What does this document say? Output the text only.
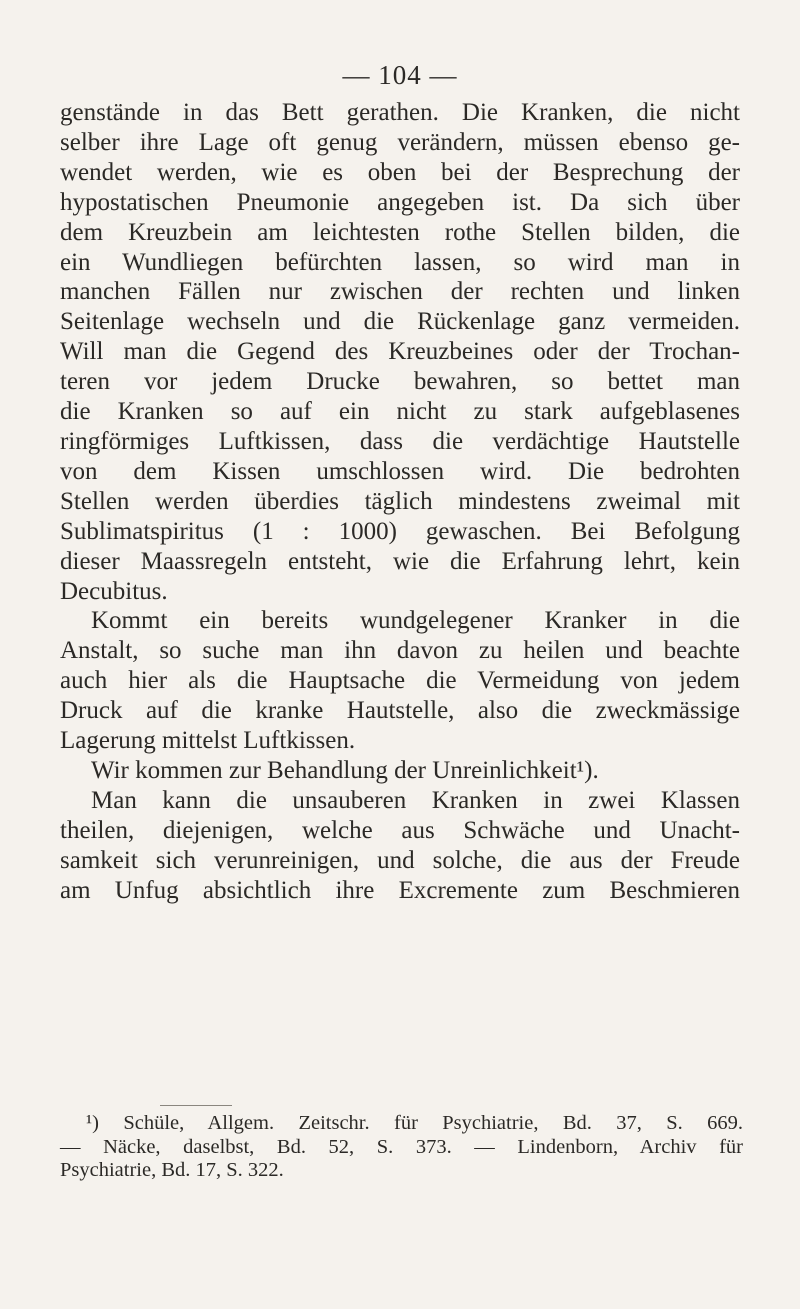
— 104 —
genstände in das Bett gerathen. Die Kranken, die nicht
selber ihre Lage oft genug verändern, müssen ebenso ge-
wendet werden, wie es oben bei der Besprechung der
hypostatischen Pneumonie angegeben ist. Da sich über
dem Kreuzbein am leichtesten rothe Stellen bilden, die
ein Wundliegen befürchten lassen, so wird man in
manchen Fällen nur zwischen der rechten und linken
Seitenlage wechseln und die Rückenlage ganz vermeiden.
Will man die Gegend des Kreuzbeines oder der Trochan-
teren vor jedem Drucke bewahren, so bettet man
die Kranken so auf ein nicht zu stark aufgeblasenes
ringförmiges Luftkissen, dass die verdächtige Hautstelle
von dem Kissen umschlossen wird. Die bedrohten
Stellen werden überdies täglich mindestens zweimal mit
Sublimatspiritus (1 : 1000) gewaschen. Bei Befolgung
dieser Maassregeln entsteht, wie die Erfahrung lehrt, kein
Decubitus.
Kommt ein bereits wundgelegener Kranker in die
Anstalt, so suche man ihn davon zu heilen und beachte
auch hier als die Hauptsache die Vermeidung von jedem
Druck auf die kranke Hautstelle, also die zweckmässige
Lagerung mittelst Luftkissen.
Wir kommen zur Behandlung der Unreinlichkeit¹).
Man kann die unsauberen Kranken in zwei Klassen
theilen, diejenigen, welche aus Schwäche und Unacht-
samkeit sich verunreinigen, und solche, die aus der Freude
am Unfug absichtlich ihre Excremente zum Beschmieren
¹) Schüle, Allgem. Zeitschr. für Psychiatrie, Bd. 37, S. 669.
— Näcke, daselbst, Bd. 52, S. 373. — Lindenborn, Archiv für
Psychiatrie, Bd. 17, S. 322.
